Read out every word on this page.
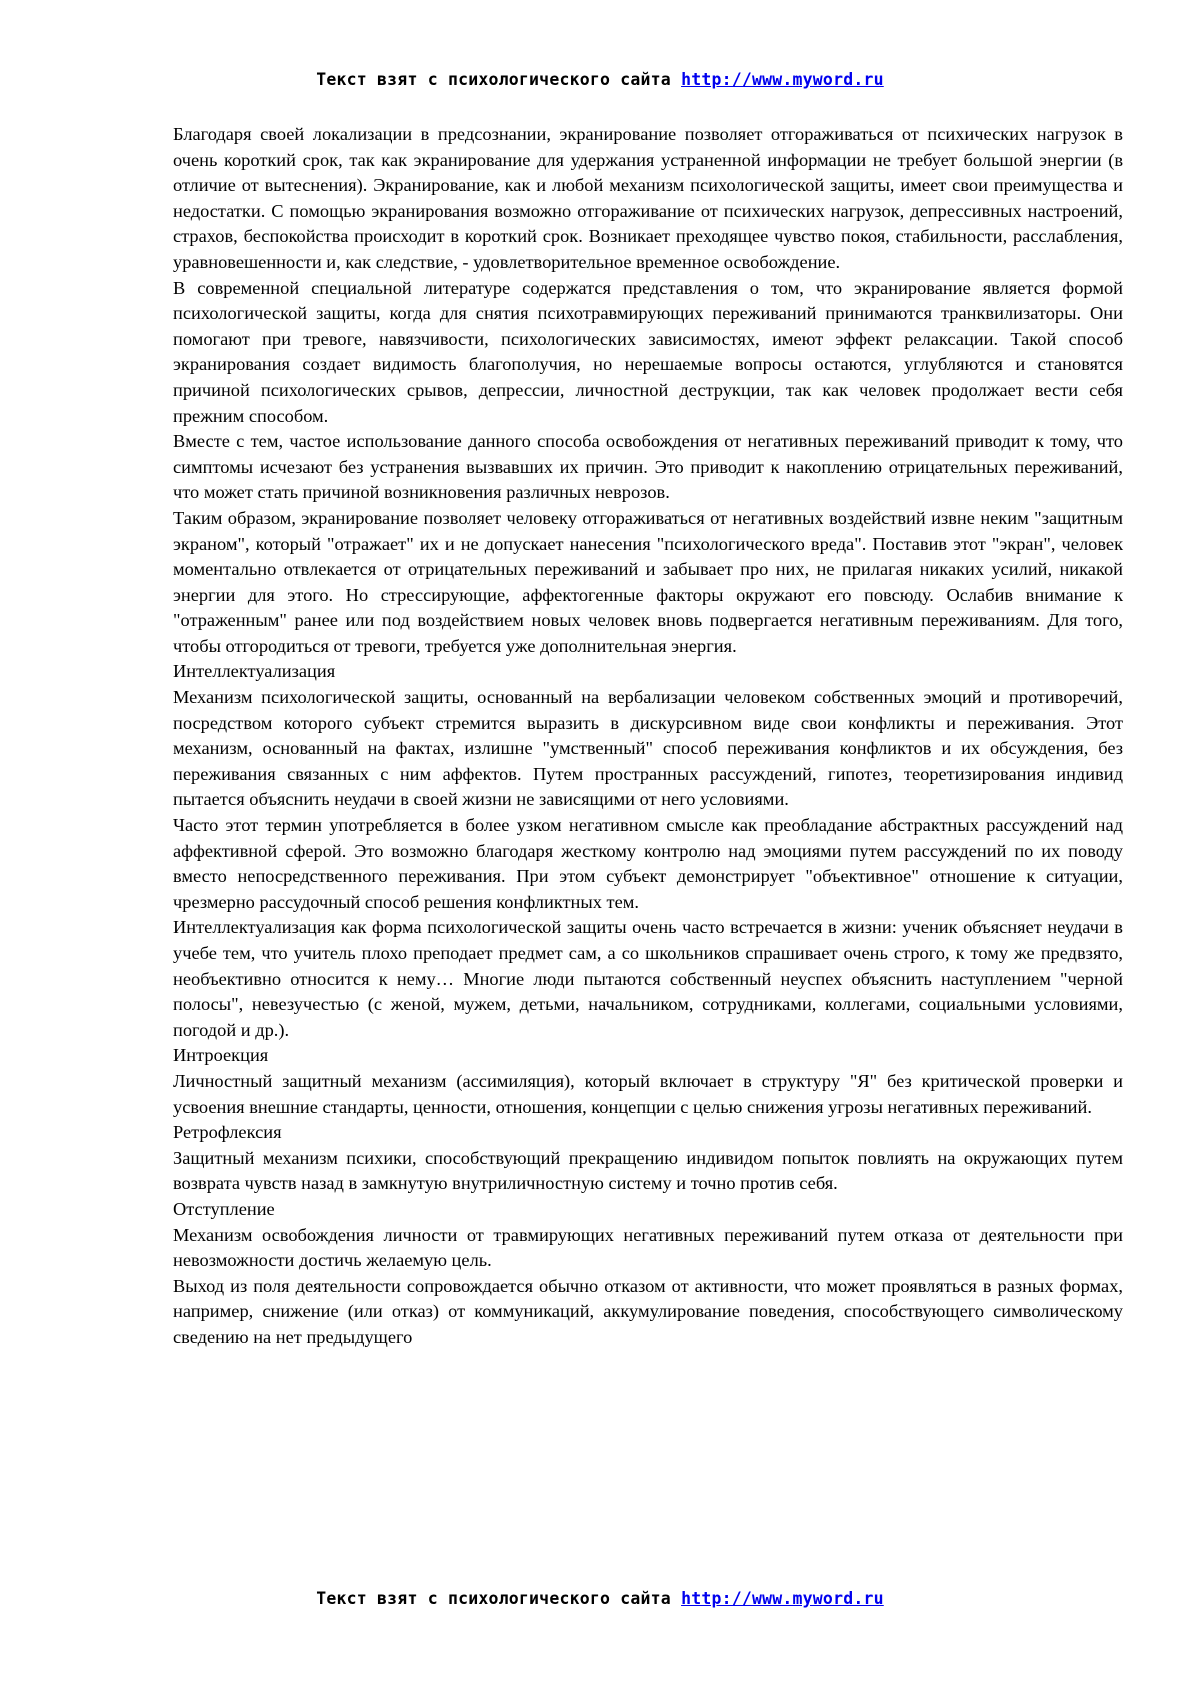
Текст взят с психологического сайта http://www.myword.ru

Благодаря своей локализации в предсознании, экранирование позволяет отгораживаться от психических нагрузок в очень короткий срок, так как экранирование для удержания устраненной информации не требует большой энергии (в отличие от вытеснения). Экранирование, как и любой механизм психологической защиты, имеет свои преимущества и недостатки. С помощью экранирования возможно отгораживание от психических нагрузок, депрессивных настроений, страхов, беспокойства происходит в короткий срок. Возникает преходящее чувство покоя, стабильности, расслабления, уравновешенности и, как следствие, - удовлетворительное временное освобождение.

В современной специальной литературе содержатся представления о том, что экранирование является формой психологической защиты, когда для снятия психотравмирующих переживаний принимаются транквилизаторы. Они помогают при тревоге, навязчивости, психологических зависимостях, имеют эффект релаксации. Такой способ экранирования создает видимость благополучия, но нерешаемые вопросы остаются, углубляются и становятся причиной психологических срывов, депрессии, личностной деструкции, так как человек продолжает вести себя прежним способом.

Вместе с тем, частое использование данного способа освобождения от негативных переживаний приводит к тому, что симптомы исчезают без устранения вызвавших их причин. Это приводит к накоплению отрицательных переживаний, что может стать причиной возникновения различных неврозов.

Таким образом, экранирование позволяет человеку отгораживаться от негативных воздействий извне неким "защитным экраном", который "отражает" их и не допускает нанесения "психологического вреда". Поставив этот "экран", человек моментально отвлекается от отрицательных переживаний и забывает про них, не прилагая никаких усилий, никакой энергии для этого. Но стрессирующие, аффектогенные факторы окружают его повсюду. Ослабив внимание к "отраженным" ранее или под воздействием новых человек вновь подвергается негативным переживаниям. Для того, чтобы отгородиться от тревоги, требуется уже дополнительная энергия.

Интеллектуализация

Механизм психологической защиты, основанный на вербализации человеком собственных эмоций и противоречий, посредством которого субъект стремится выразить в дискурсивном виде свои конфликты и переживания. Этот механизм, основанный на фактах, излишне "умственный" способ переживания конфликтов и их обсуждения, без переживания связанных с ним аффектов. Путем пространных рассуждений, гипотез, теоретизирования индивид пытается объяснить неудачи в своей жизни не зависящими от него условиями.

Часто этот термин употребляется в более узком негативном смысле как преобладание абстрактных рассуждений над аффективной сферой. Это возможно благодаря жесткому контролю над эмоциями путем рассуждений по их поводу вместо непосредственного переживания. При этом субъект демонстрирует "объективное" отношение к ситуации, чрезмерно рассудочный способ решения конфликтных тем.

Интеллектуализация как форма психологической защиты очень часто встречается в жизни: ученик объясняет неудачи в учебе тем, что учитель плохо преподает предмет сам, а со школьников спрашивает очень строго, к тому же предвзято, необъективно относится к нему… Многие люди пытаются собственный неуспех объяснить наступлением "черной полосы", невезучестью (с женой, мужем, детьми, начальником, сотрудниками, коллегами, социальными условиями, погодой и др.).

Интроекция

Личностный защитный механизм (ассимиляция), который включает в структуру "Я" без критической проверки и усвоения внешние стандарты, ценности, отношения, концепции с целью снижения угрозы негативных переживаний.

Ретрофлексия

Защитный механизм психики, способствующий прекращению индивидом попыток повлиять на окружающих путем возврата чувств назад в замкнутую внутриличностную систему и точно против себя.

Отступление

Механизм освобождения личности от травмирующих негативных переживаний путем отказа от деятельности при невозможности достичь желаемую цель.

Выход из поля деятельности сопровождается обычно отказом от активности, что может проявляться в разных формах, например, снижение (или отказ) от коммуникаций, аккумулирование поведения, способствующего символическому сведению на нет предыдущего

Текст взят с психологического сайта http://www.myword.ru
